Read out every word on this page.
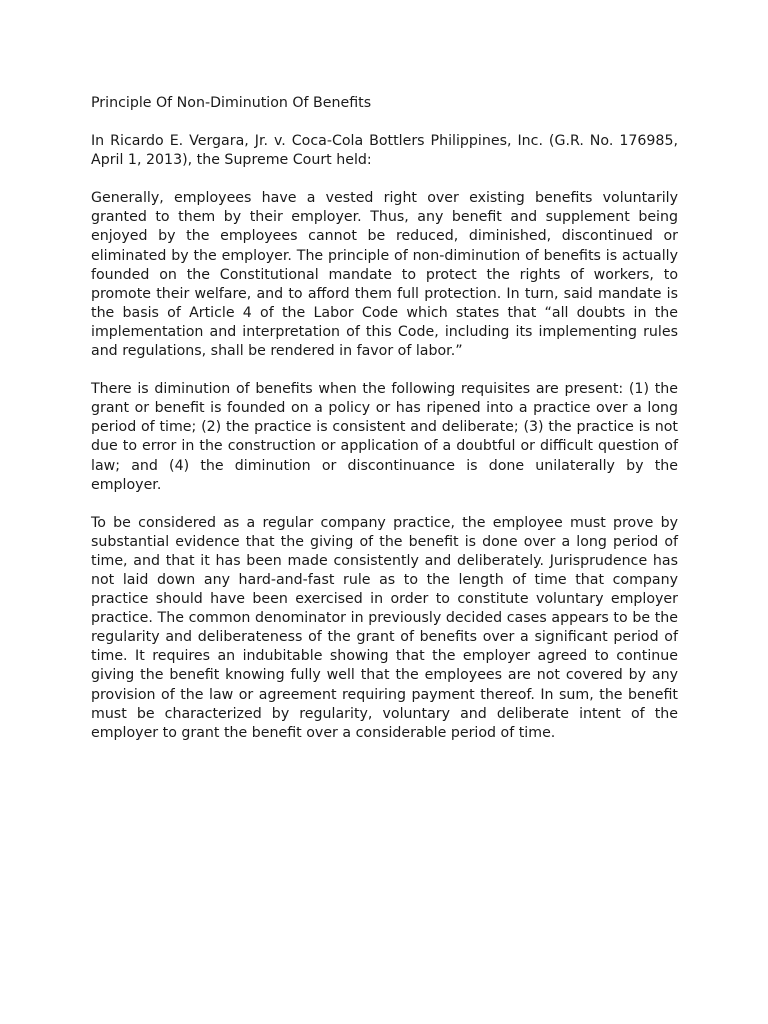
Principle Of Non-Diminution Of Benefits

In Ricardo E. Vergara, Jr. v. Coca-Cola Bottlers Philippines, Inc. (G.R. No. 176985, April 1, 2013), the Supreme Court held:

Generally, employees have a vested right over existing benefits voluntarily granted to them by their employer. Thus, any benefit and supplement being enjoyed by the employees cannot be reduced, diminished, discontinued or eliminated by the employer. The principle of non-diminution of benefits is actually founded on the Constitutional mandate to protect the rights of workers, to promote their welfare, and to afford them full protection. In turn, said mandate is the basis of Article 4 of the Labor Code which states that “all doubts in the implementation and interpretation of this Code, including its implementing rules and regulations, shall be rendered in favor of labor.”

There is diminution of benefits when the following requisites are present: (1) the grant or benefit is founded on a policy or has ripened into a practice over a long period of time; (2) the practice is consistent and deliberate; (3) the practice is not due to error in the construction or application of a doubtful or difficult question of law; and (4) the diminution or discontinuance is done unilaterally by the employer.

To be considered as a regular company practice, the employee must prove by substantial evidence that the giving of the benefit is done over a long period of time, and that it has been made consistently and deliberately. Jurisprudence has not laid down any hard-and-fast rule as to the length of time that company practice should have been exercised in order to constitute voluntary employer practice. The common denominator in previously decided cases appears to be the regularity and deliberateness of the grant of benefits over a significant period of time. It requires an indubitable showing that the employer agreed to continue giving the benefit knowing fully well that the employees are not covered by any provision of the law or agreement requiring payment thereof. In sum, the benefit must be characterized by regularity, voluntary and deliberate intent of the employer to grant the benefit over a considerable period of time.
